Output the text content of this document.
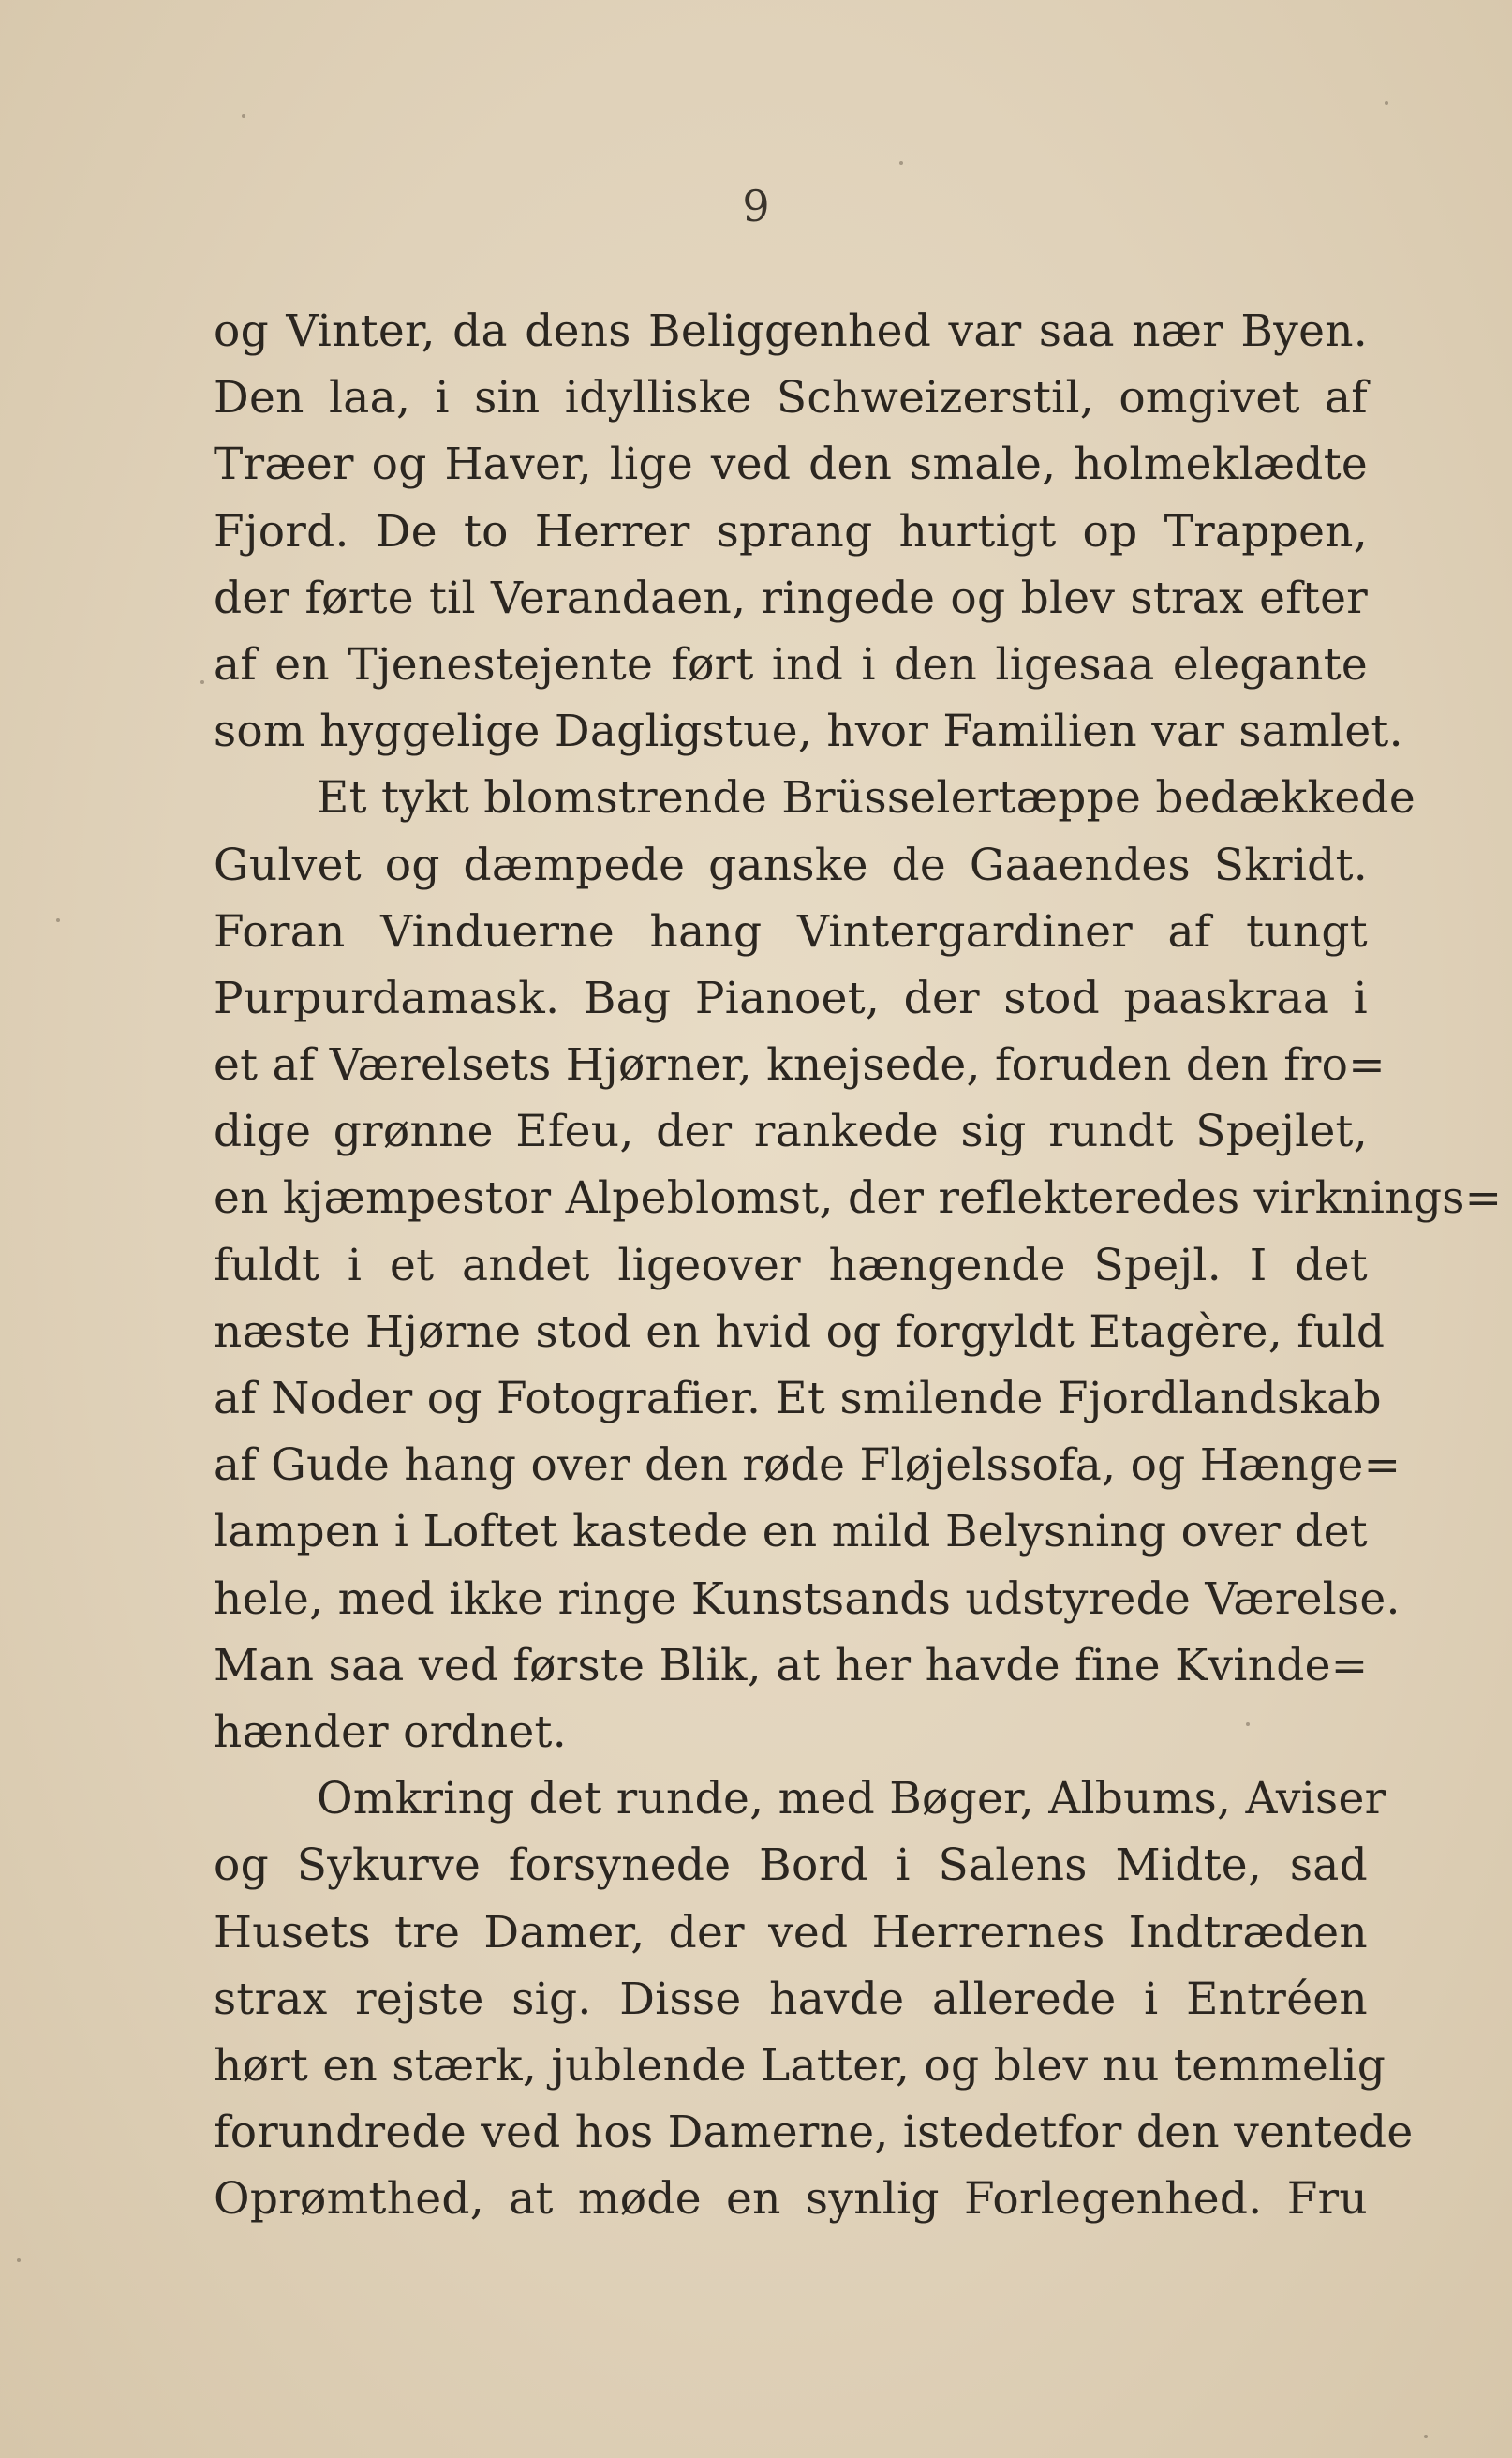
9
og Vinter, da dens Beliggenhed var saa nær Byen.
Den laa, i sin idylliske Schweizerstil, omgivet af
Træer og Haver, lige ved den smale, holmeklædte
Fjord. De to Herrer sprang hurtigt op Trappen,
der førte til Verandaen, ringede og blev strax efter
af en Tjenestejente ført ind i den ligesaa elegante
som hyggelige Dagligstue, hvor Familien var samlet.
Et tykt blomstrende Brüsselertæppe bedækkede
Gulvet og dæmpede ganske de Gaaendes Skridt.
Foran Vinduerne hang Vintergardiner af tungt
Purpurdamask. Bag Pianoet, der stod paaskraa i
et af Værelsets Hjørner, knejsede, foruden den fro=
dige grønne Efeu, der rankede sig rundt Spejlet,
en kjæmpestor Alpeblomst, der reflekteredes virknings=
fuldt i et andet ligeover hængende Spejl. I det
næste Hjørne stod en hvid og forgyldt Etagère, fuld
af Noder og Fotografier. Et smilende Fjordlandskab
af Gude hang over den røde Fløjelssofa, og Hænge=
lampen i Loftet kastede en mild Belysning over det
hele, med ikke ringe Kunstsands udstyrede Værelse.
Man saa ved første Blik, at her havde fine Kvinde=
hænder ordnet.
Omkring det runde, med Bøger, Albums, Aviser
og Sykurve forsynede Bord i Salens Midte, sad
Husets tre Damer, der ved Herrernes Indtræden
strax rejste sig. Disse havde allerede i Entréen
hørt en stærk, jublende Latter, og blev nu temmelig
forundrede ved hos Damerne, istedetfor den ventede
Oprømthed, at møde en synlig Forlegenhed. Fru
